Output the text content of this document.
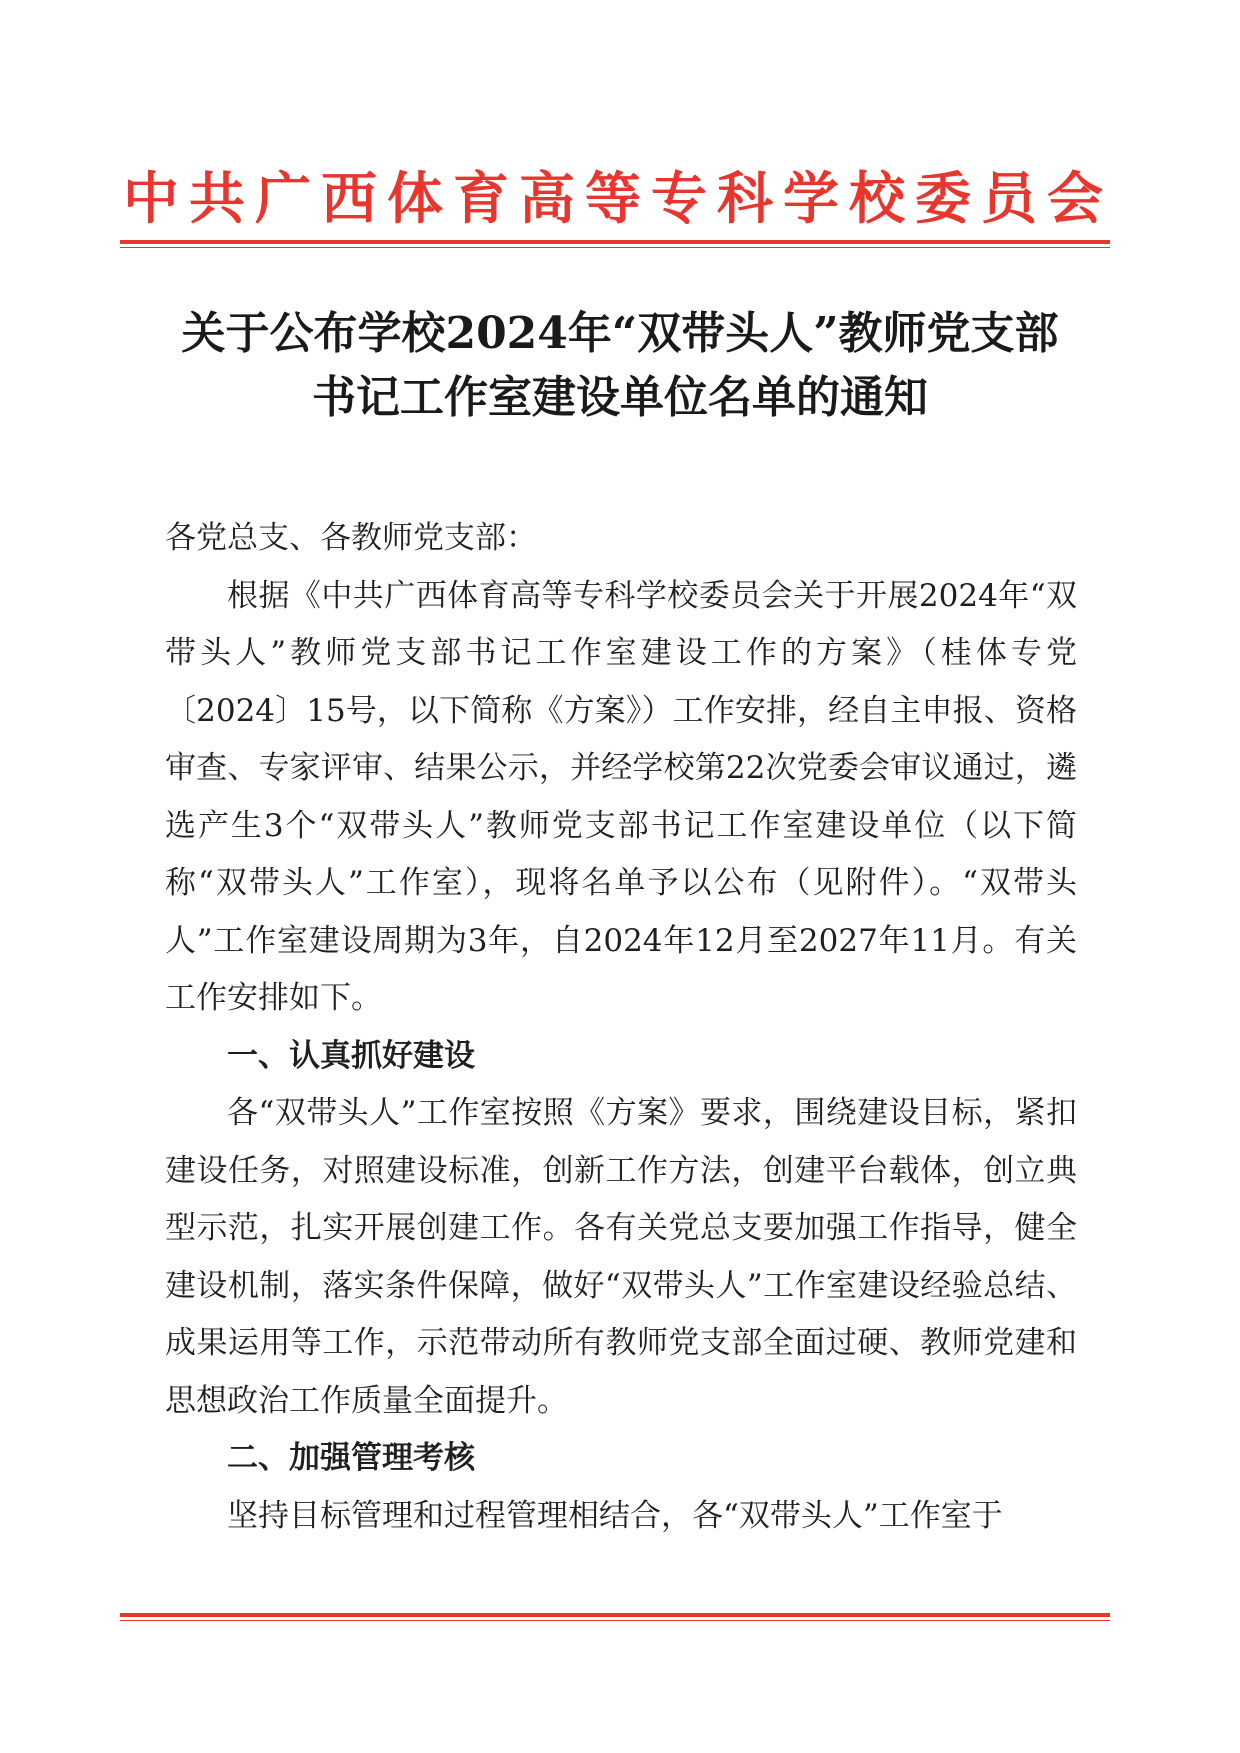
中共广西体育高等专科学校委员会
关于公布学校2024年“双带头人”教师党支部
书记工作室建设单位名单的通知

各党总支、各教师党支部：

根据《中共广西体育高等专科学校委员会关于开展2024年“双带头人”教师党支部书记工作室建设工作的方案》（桂体专党〔2024〕15号，以下简称《方案》）工作安排，经自主申报、资格审查、专家评审、结果公示，并经学校第22次党委会审议通过，遴选产生3个“双带头人”教师党支部书记工作室建设单位（以下简称“双带头人”工作室），现将名单予以公布（见附件）。“双带头人”工作室建设周期为3年，自2024年12月至2027年11月。有关工作安排如下。

一、认真抓好建设

各“双带头人”工作室按照《方案》要求，围绕建设目标，紧扣建设任务，对照建设标准，创新工作方法，创建平台载体，创立典型示范，扎实开展创建工作。各有关党总支要加强工作指导，健全建设机制，落实条件保障，做好“双带头人”工作室建设经验总结、成果运用等工作，示范带动所有教师党支部全面过硬、教师党建和思想政治工作质量全面提升。

二、加强管理考核

坚持目标管理和过程管理相结合，各“双带头人”工作室于
